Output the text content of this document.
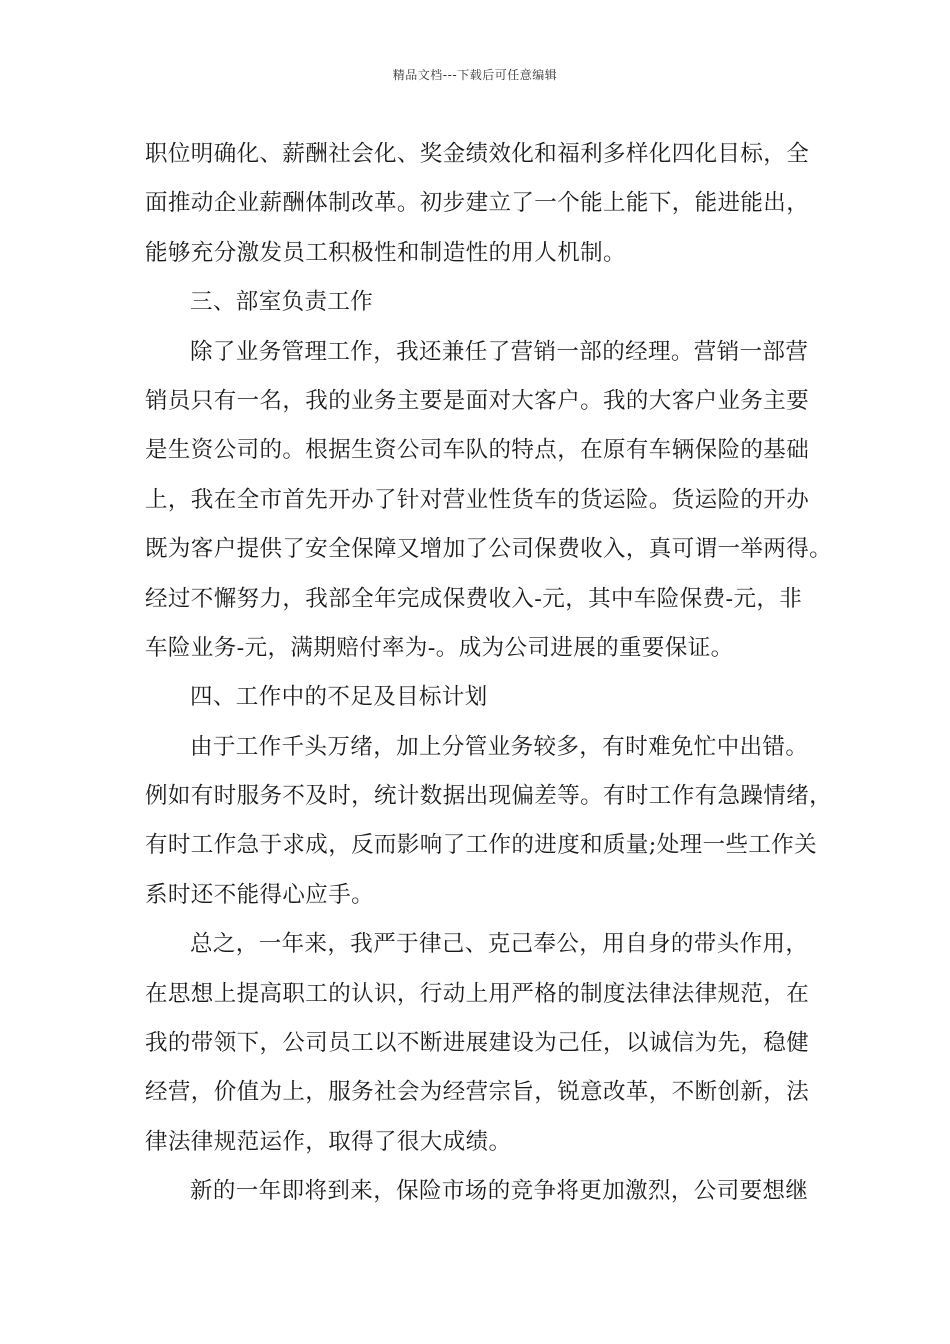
精品文档---下载后可任意编辑
职位明确化、薪酬社会化、奖金绩效化和福利多样化四化目标，全
面推动企业薪酬体制改革。初步建立了一个能上能下，能进能出，
能够充分激发员工积极性和制造性的用人机制。
三、部室负责工作
除了业务管理工作，我还兼任了营销一部的经理。营销一部营
销员只有一名，我的业务主要是面对大客户。我的大客户业务主要
是生资公司的。根据生资公司车队的特点，在原有车辆保险的基础
上，我在全市首先开办了针对营业性货车的货运险。货运险的开办
既为客户提供了安全保障又增加了公司保费收入，真可谓一举两得。
经过不懈努力，我部全年完成保费收入-元，其中车险保费-元，非
车险业务-元，满期赔付率为-。成为公司进展的重要保证。
四、工作中的不足及目标计划
由于工作千头万绪，加上分管业务较多，有时难免忙中出错。
例如有时服务不及时，统计数据出现偏差等。有时工作有急躁情绪，
有时工作急于求成，反而影响了工作的进度和质量;处理一些工作关
系时还不能得心应手。
总之，一年来，我严于律己、克己奉公，用自身的带头作用，
在思想上提高职工的认识，行动上用严格的制度法律法律规范，在
我的带领下，公司员工以不断进展建设为己任，以诚信为先，稳健
经营，价值为上，服务社会为经营宗旨，锐意改革，不断创新，法
律法律规范运作，取得了很大成绩。
新的一年即将到来，保险市场的竞争将更加激烈，公司要想继
